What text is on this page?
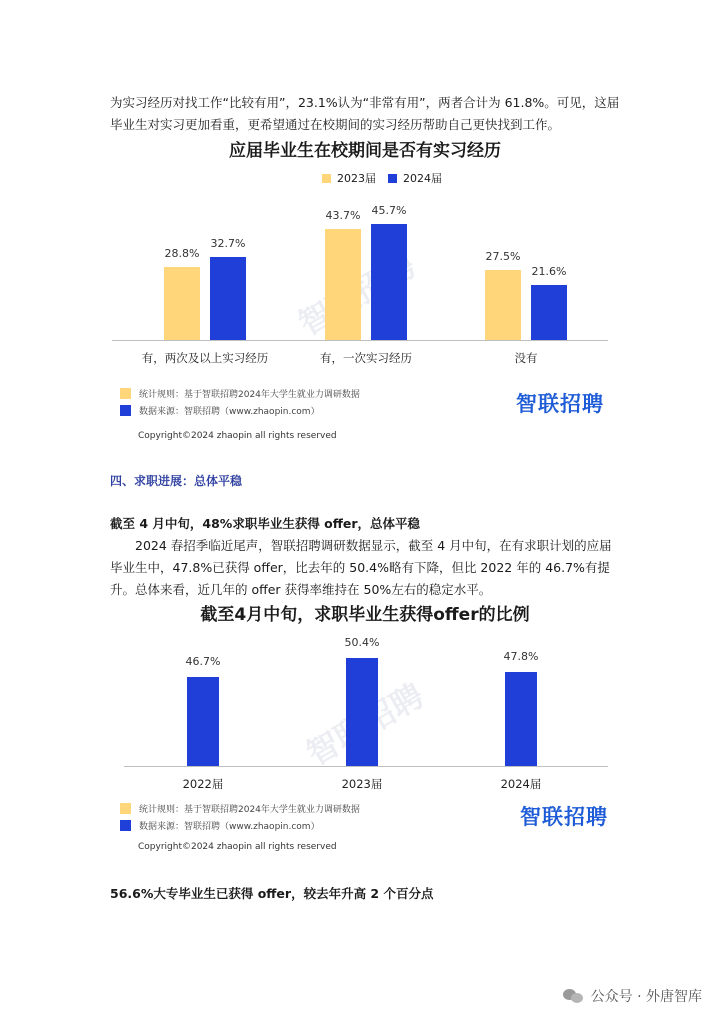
为实习经历对找工作“比较有用”，23.1%认为“非常有用”，两者合计为 61.8%。可见，这届毕业生对实习更加看重，更希望通过在校期间的实习经历帮助自己更快找到工作。

应届毕业生在校期间是否有实习经历
2023届 2024届
28.8%
32.7%
43.7%	45.7%
27.5%
21.6%
有，两次及以上实习经历	有，一次实习经历	没有
统计规则：基于智联招聘2024年大学生就业力调研数据
数据来源：智联招聘（www.zhaopin.com）	智联招聘
Copyright©2024 zhaopin all rights reserved

四、求职进展：总体平稳

截至 4 月中旬，48%求职毕业生获得 offer，总体平稳

2024 春招季临近尾声，智联招聘调研数据显示，截至 4 月中旬，在有求职计划的应届毕业生中，47.8%已获得 offer，比去年的 50.4%略有下降，但比 2022 年的 46.7%有提升。总体来看，近几年的 offer 获得率维持在 50%左右的稳定水平。

截至4月中旬，求职毕业生获得offer的比例
46.7%
50.4%
47.8%
2022届	2023届	2024届
统计规则：基于智联招聘2024年大学生就业力调研数据
数据来源：智联招聘（www.zhaopin.com）	智联招聘
Copyright©2024 zhaopin all rights reserved

56.6%大专毕业生已获得 offer，较去年升高 2 个百分点

公众号 · 外唐智库
